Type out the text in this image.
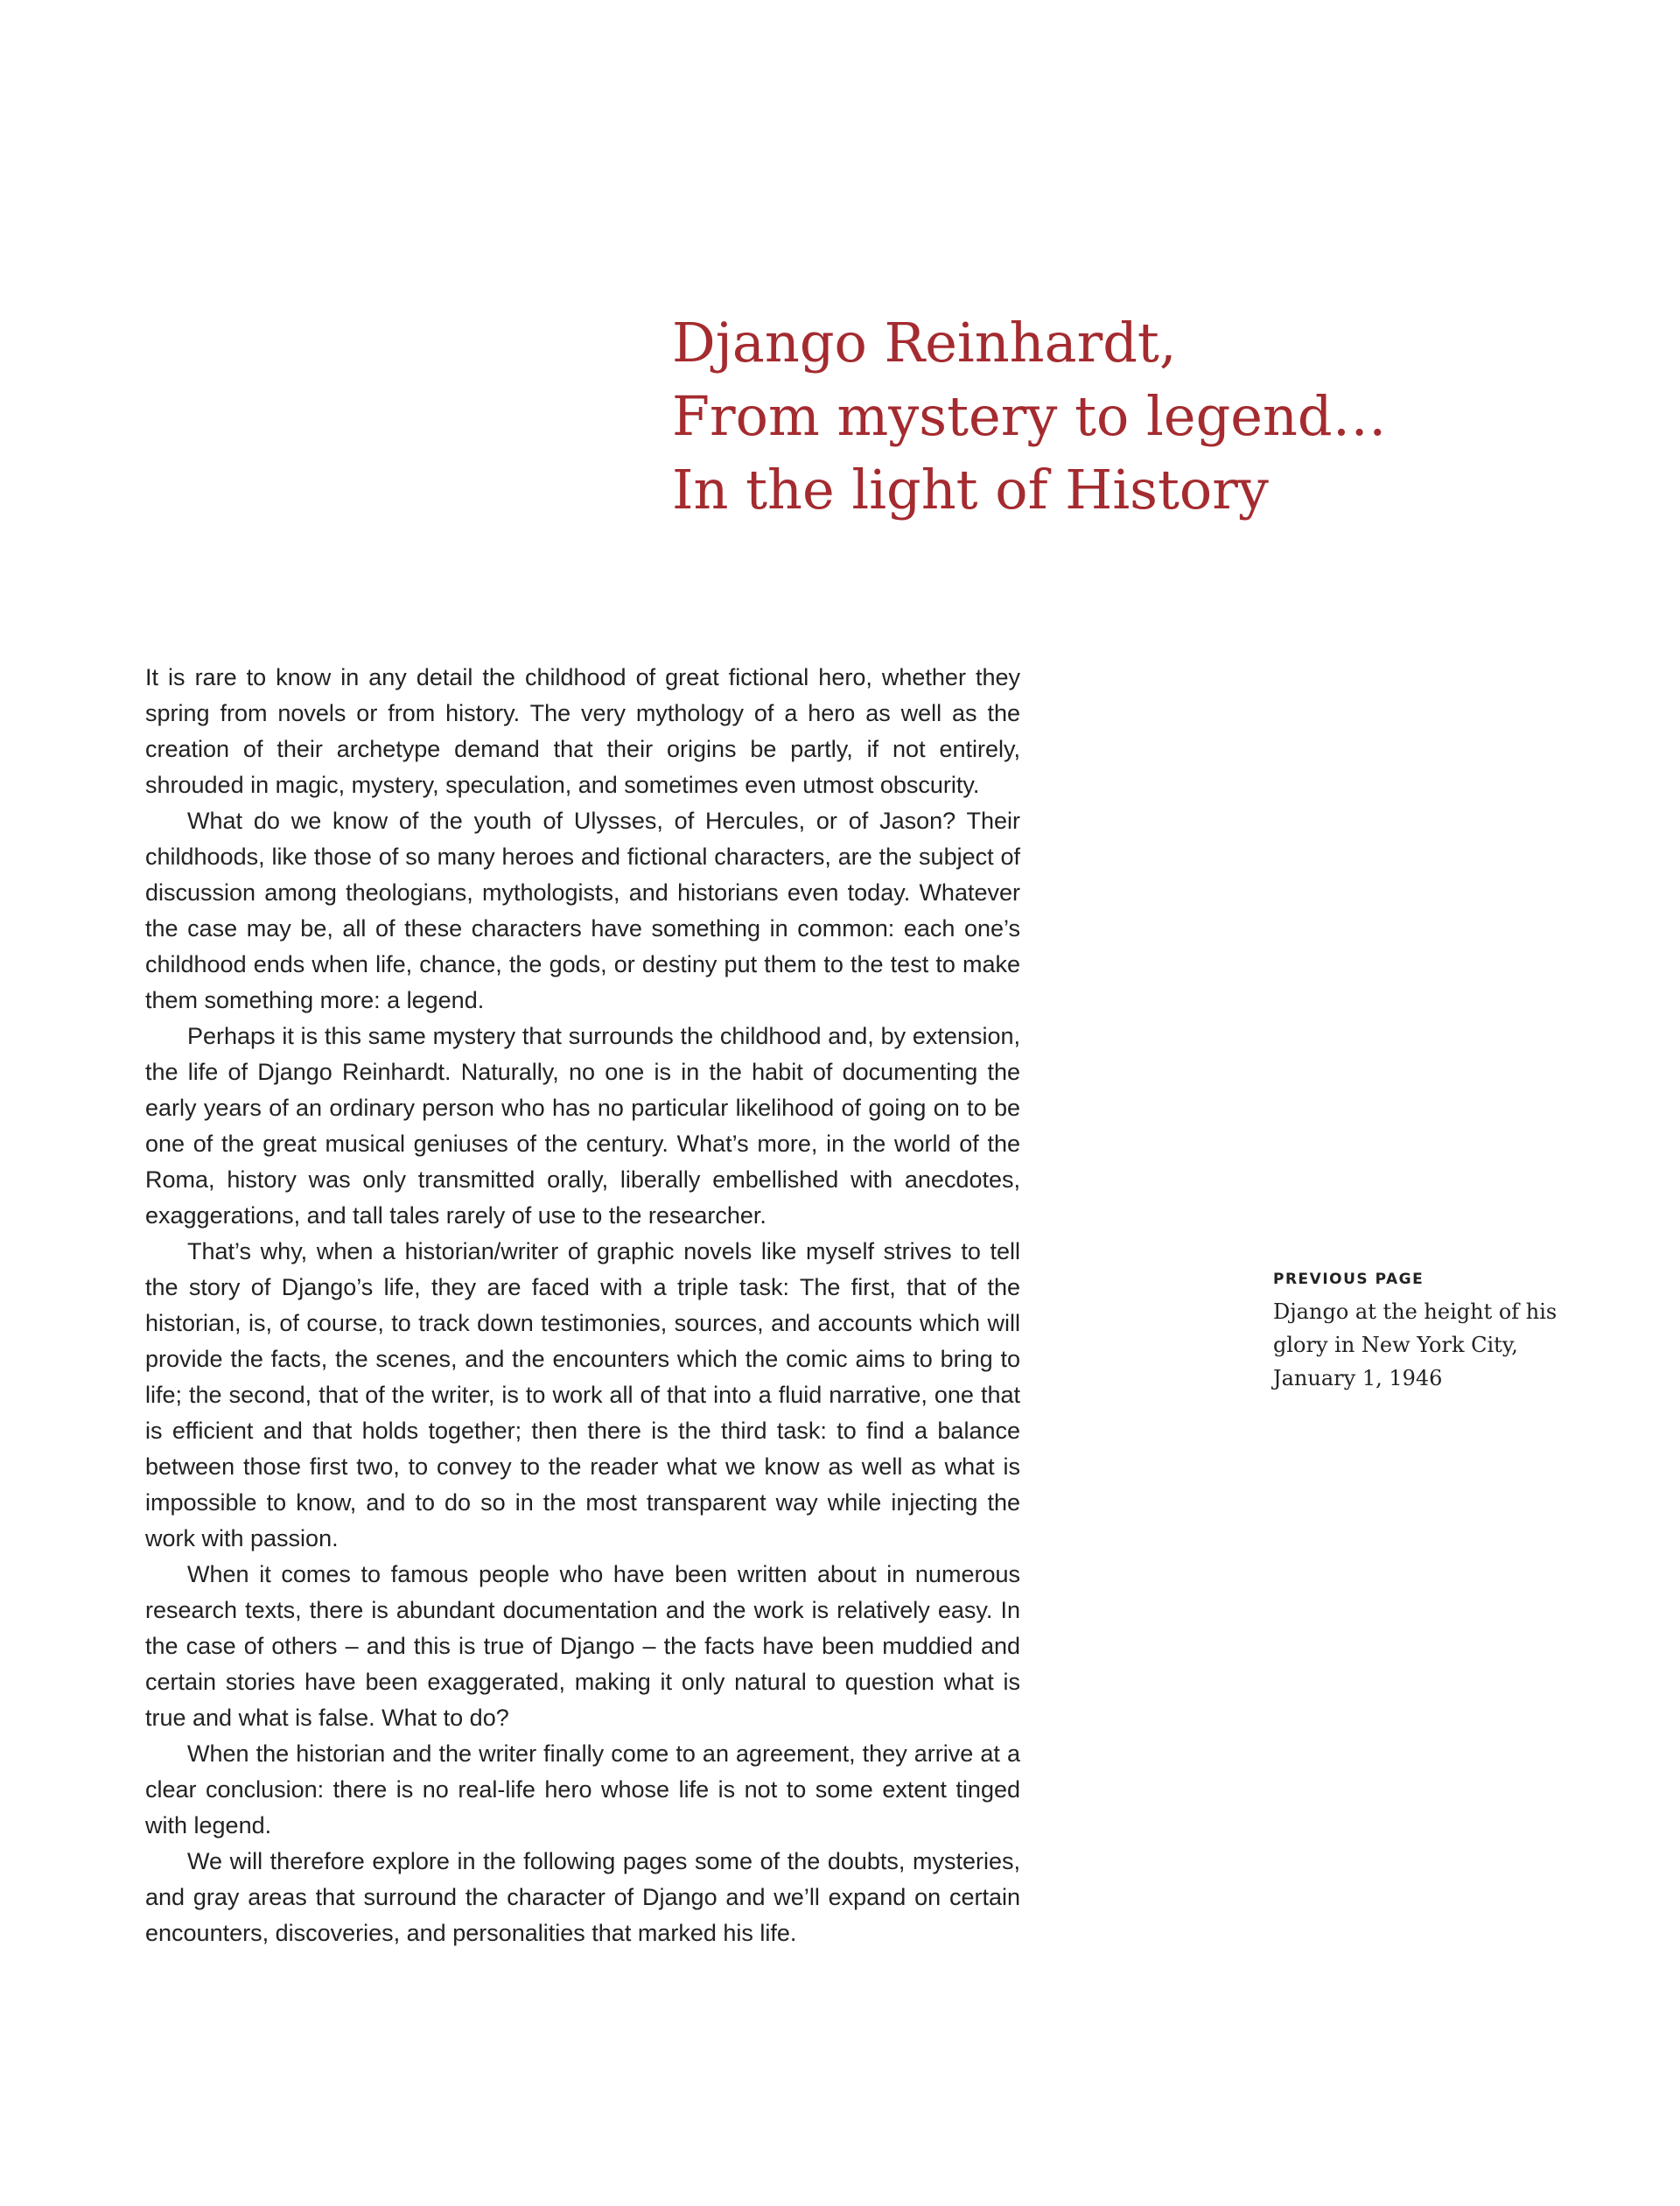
Django Reinhardt,
From mystery to legend…
In the light of History

It is rare to know in any detail the childhood of great fictional hero, whether they spring from novels or from history. The very mythology of a hero as well as the creation of their archetype demand that their origins be partly, if not entirely, shrouded in magic, mystery, speculation, and sometimes even utmost obscurity.

What do we know of the youth of Ulysses, of Hercules, or of Jason? Their childhoods, like those of so many heroes and fictional characters, are the subject of discussion among theologians, mythologists, and historians even today. Whatever the case may be, all of these characters have something in common: each one’s childhood ends when life, chance, the gods, or destiny put them to the test to make them something more: a legend.

Perhaps it is this same mystery that surrounds the childhood and, by extension, the life of Django Reinhardt. Naturally, no one is in the habit of documenting the early years of an ordinary person who has no particular likelihood of going on to be one of the great musical geniuses of the century. What’s more, in the world of the Roma, history was only transmitted orally, liberally embellished with anecdotes, exaggerations, and tall tales rarely of use to the researcher.

That’s why, when a historian/writer of graphic novels like myself strives to tell the story of Django’s life, they are faced with a triple task: The first, that of the historian, is, of course, to track down testimonies, sources, and accounts which will provide the facts, the scenes, and the encounters which the comic aims to bring to life; the second, that of the writer, is to work all of that into a fluid narrative, one that is efficient and that holds together; then there is the third task: to find a balance between those first two, to convey to the reader what we know as well as what is impossible to know, and to do so in the most transparent way while injecting the work with passion.

When it comes to famous people who have been written about in numerous research texts, there is abundant documentation and the work is relatively easy. In the case of others – and this is true of Django – the facts have been muddied and certain stories have been exaggerated, making it only natural to question what is true and what is false. What to do?

When the historian and the writer finally come to an agreement, they arrive at a clear conclusion: there is no real-life hero whose life is not to some extent tinged with legend.

We will therefore explore in the following pages some of the doubts, mysteries, and gray areas that surround the character of Django and we’ll expand on certain encounters, discoveries, and personalities that marked his life.

PREVIOUS PAGE

Django at the height of his glory in New York City, January 1, 1946
